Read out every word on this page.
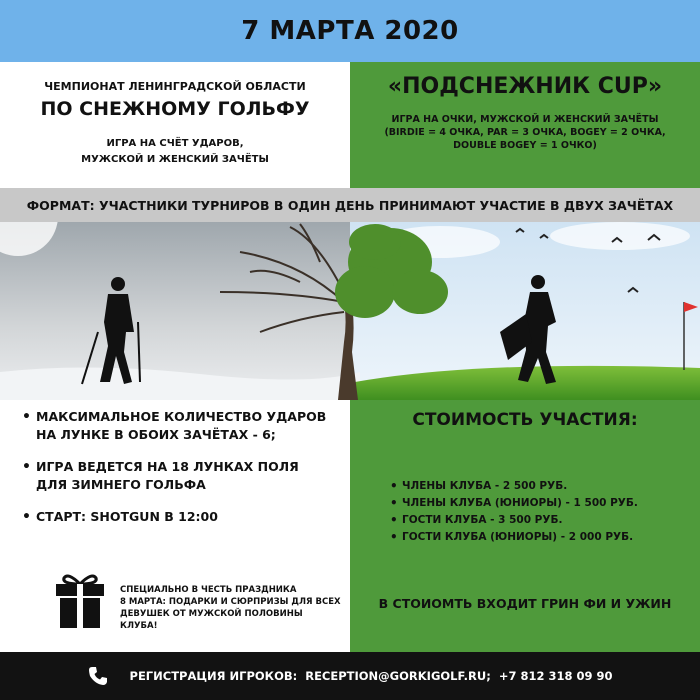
7 МАРТА 2020
ЧЕМПИОНАТ ЛЕНИНГРАДСКОЙ ОБЛАСТИ
ПО СНЕЖНОМУ ГОЛЬФУ
ИГРА НА СЧЁТ УДАРОВ,
МУЖСКОЙ И ЖЕНСКИЙ ЗАЧЁТЫ
«ПОДСНЕЖНИК CUP»
ИГРА НА ОЧКИ, МУЖСКОЙ И ЖЕНСКИЙ ЗАЧЁТЫ
(BIRDIE = 4 ОЧКА, PAR = 3 ОЧКА, BOGEY = 2 ОЧКА,
DOUBLE BOGEY = 1 ОЧКО)
ФОРМАТ: УЧАСТНИКИ ТУРНИРОВ В ОДИН ДЕНЬ ПРИНИМАЮТ УЧАСТИЕ В ДВУХ ЗАЧЁТАХ
• МАКСИМАЛЬНОЕ КОЛИЧЕСТВО УДАРОВ
НА ЛУНКЕ В ОБОИХ ЗАЧЁТАХ - 6;
• ИГРА ВЕДЕТСЯ НА 18 ЛУНКАХ ПОЛЯ
ДЛЯ ЗИМНЕГО ГОЛЬФА
• СТАРТ: SHOTGUN В 12:00
СПЕЦИАЛЬНО В ЧЕСТЬ ПРАЗДНИКА
8 МАРТА: ПОДАРКИ И СЮРПРИЗЫ ДЛЯ ВСЕХ
ДЕВУШЕК ОТ МУЖСКОЙ ПОЛОВИНЫ КЛУБА!
СТОИМОСТЬ УЧАСТИЯ:
• ЧЛЕНЫ КЛУБА - 2 500 РУБ.
• ЧЛЕНЫ КЛУБА (ЮНИОРЫ) - 1 500 РУБ.
• ГОСТИ КЛУБА - 3 500 РУБ.
• ГОСТИ КЛУБА (ЮНИОРЫ) - 2 000 РУБ.
В СТОИОМТЬ ВХОДИТ ГРИН ФИ И УЖИН
РЕГИСТРАЦИЯ ИГРОКОВ: RECEPTION@GORKIGOLF.RU; +7 812 318 09 90
